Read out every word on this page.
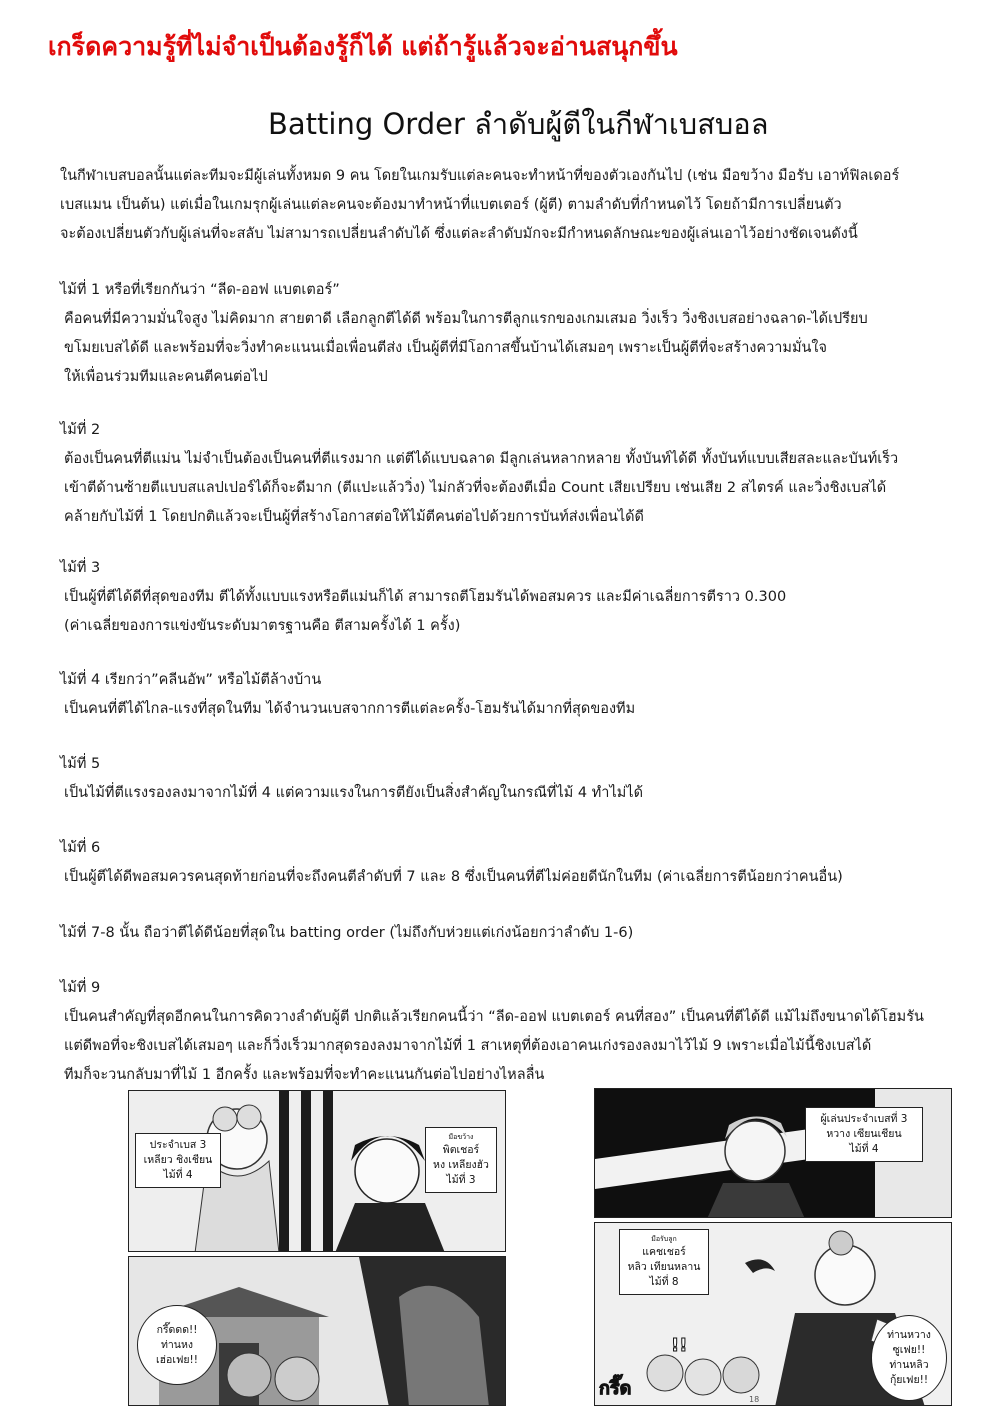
เกร็ดความรู้ที่ไม่จำเป็นต้องรู้ก็ได้ แต่ถ้ารู้แล้วจะอ่านสนุกขึ้น
Batting Order ลำดับผู้ตีในกีฬาเบสบอล
ในกีฬาเบสบอลนั้นแต่ละทีมจะมีผู้เล่นทั้งหมด 9 คน โดยในเกมรับแต่ละคนจะทำหน้าที่ของตัวเองกันไป (เช่น มือขว้าง มือรับ เอาท์ฟิลเดอร์
เบสแมน เป็นต้น) แต่เมื่อในเกมรุกผู้เล่นแต่ละคนจะต้องมาทำหน้าที่แบตเตอร์ (ผู้ตี) ตามลำดับที่กำหนดไว้ โดยถ้ามีการเปลี่ยนตัว
จะต้องเปลี่ยนตัวกับผู้เล่นที่จะสลับ ไม่สามารถเปลี่ยนลำดับได้ ซึ่งแต่ละลำดับมักจะมีกำหนดลักษณะของผู้เล่นเอาไว้อย่างชัดเจนดังนี้
ไม้ที่ 1 หรือที่เรียกกันว่า “ลีด-ออฟ แบตเตอร์”
คือคนที่มีความมั่นใจสูง ไม่คิดมาก สายตาดี เลือกลูกตีได้ดี พร้อมในการตีลูกแรกของเกมเสมอ วิ่งเร็ว วิ่งชิงเบสอย่างฉลาด-ได้เปรียบ
ขโมยเบสได้ดี และพร้อมที่จะวิ่งทำคะแนนเมื่อเพื่อนตีส่ง เป็นผู้ตีที่มีโอกาสขึ้นบ้านได้เสมอๆ เพราะเป็นผู้ตีที่จะสร้างความมั่นใจ
ให้เพื่อนร่วมทีมและคนตีคนต่อไป
ไม้ที่ 2
ต้องเป็นคนที่ตีแม่น ไม่จำเป็นต้องเป็นคนที่ตีแรงมาก แต่ตีได้แบบฉลาด มีลูกเล่นหลากหลาย ทั้งบันท์ได้ดี ทั้งบันท์แบบเสียสละและบันท์เร็ว
เข้าตีด้านซ้ายตีแบบสแลปเปอร์ได้ก็จะดีมาก (ตีแปะแล้ววิ่ง) ไม่กลัวที่จะต้องตีเมื่อ Count เสียเปรียบ เช่นเสีย 2 สไตรค์ และวิ่งชิงเบสได้
คล้ายกับไม้ที่ 1 โดยปกติแล้วจะเป็นผู้ที่สร้างโอกาสต่อให้ไม้ตีคนต่อไปด้วยการบันท์ส่งเพื่อนได้ดี
ไม้ที่ 3
เป็นผู้ที่ตีได้ดีที่สุดของทีม ตีได้ทั้งแบบแรงหรือตีแม่นก็ได้ สามารถตีโฮมรันได้พอสมควร และมีค่าเฉลี่ยการตีราว 0.300
(ค่าเฉลี่ยของการแข่งขันระดับมาตรฐานคือ ตีสามครั้งได้ 1 ครั้ง)
ไม้ที่ 4 เรียกว่า”คลีนอัพ” หรือไม้ตีล้างบ้าน
เป็นคนที่ตีได้ไกล-แรงที่สุดในทีม ได้จำนวนเบสจากการตีแต่ละครั้ง-โฮมรันได้มากที่สุดของทีม
ไม้ที่ 5
เป็นไม้ที่ตีแรงรองลงมาจากไม้ที่ 4 แต่ความแรงในการตียังเป็นสิ่งสำคัญในกรณีที่ไม้ 4 ทำไม่ได้
ไม้ที่ 6
เป็นผู้ตีได้ดีพอสมควรคนสุดท้ายก่อนที่จะถึงคนตีลำดับที่ 7 และ 8 ซึ่งเป็นคนที่ตีไม่ค่อยดีนักในทีม (ค่าเฉลี่ยการตีน้อยกว่าคนอื่น)
ไม้ที่ 7-8 นั้น ถือว่าตีได้ดีน้อยที่สุดใน batting order (ไม่ถึงกับห่วยแต่เก่งน้อยกว่าลำดับ 1-6)
ไม้ที่ 9
เป็นคนสำคัญที่สุดอีกคนในการคิดวางลำดับผู้ตี ปกติแล้วเรียกคนนี้ว่า “ลีด-ออฟ แบตเตอร์ คนที่สอง” เป็นคนที่ตีได้ดี แม้ไม่ถึงขนาดได้โฮมรัน
แต่ดีพอที่จะชิงเบสได้เสมอๆ และก็วิ่งเร็วมากสุดรองลงมาจากไม้ที่ 1 สาเหตุที่ต้องเอาคนเก่งรองลงมาไว้ไม้ 9 เพราะเมื่อไม้นี้ชิงเบสได้
ทีมก็จะวนกลับมาที่ไม้ 1 อีกครั้ง และพร้อมที่จะทำคะแนนกันต่อไปอย่างไหลลื่น
ประจำเบส 3
เหลียว ชิงเชียน
ไม้ที่ 4
มือขว้าง
พิตเชอร์
หง เหลียงฮัว
ไม้ที่ 3
กรี๊ดดด!!
ท่านหง
เฮ่อเฟย!!
ผู้เล่นประจำเบสที่ 3
หวาง เซียนเชียน
ไม้ที่ 4
มือรับลูก
แคชเชอร์
หลิว เทียนหลาน
ไม้ที่ 8
ท่านหวาง
ซูเฟย!!
ท่านหลิว
กุ้ยเฟย!!
กรี๊ด
!!
18
